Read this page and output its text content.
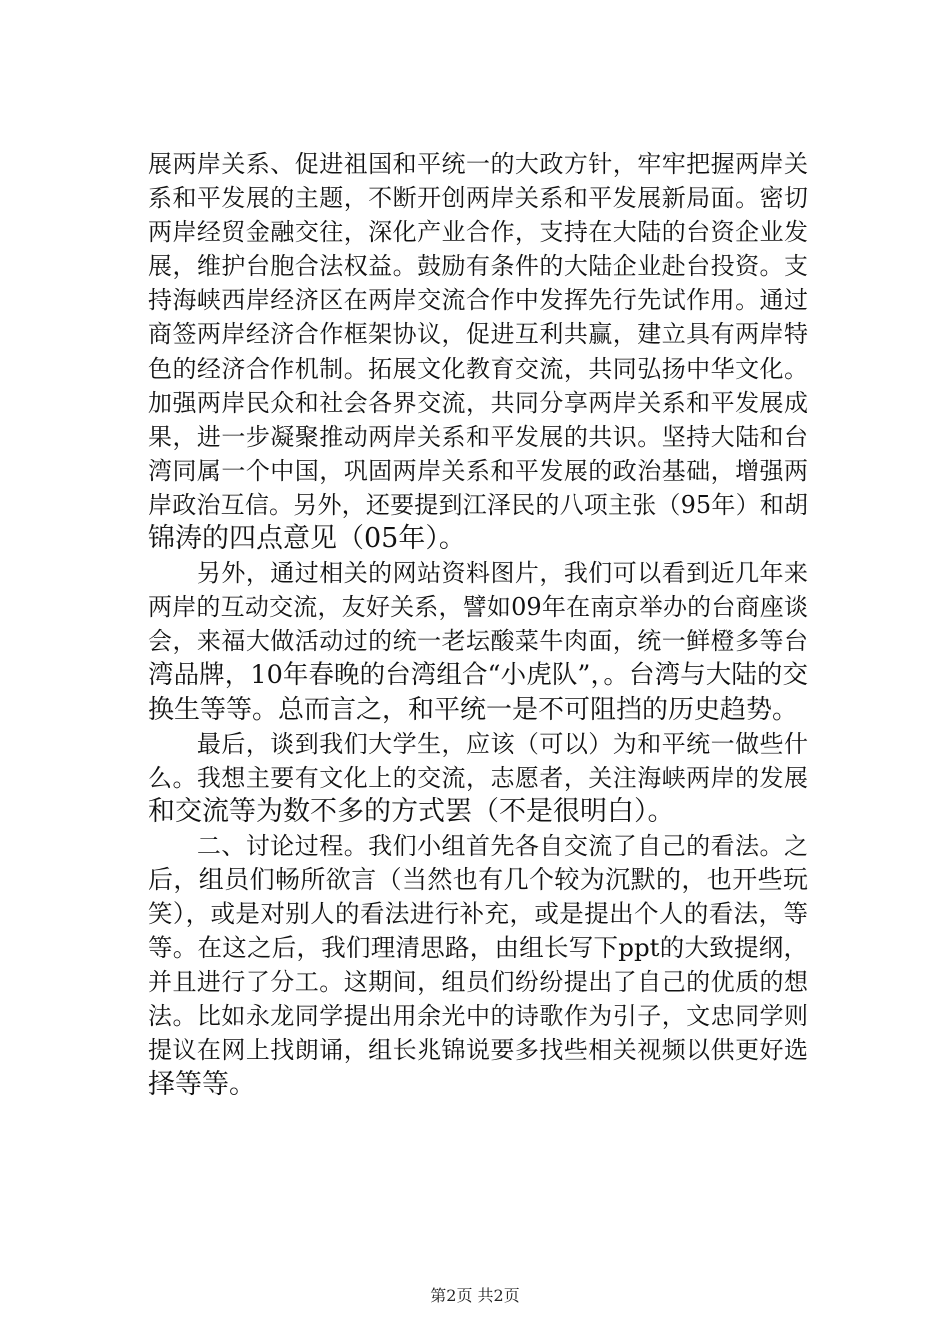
展两岸关系、促进祖国和平统一的大政方针，牢牢把握两岸关
系和平发展的主题，不断开创两岸关系和平发展新局面。密切
两岸经贸金融交往，深化产业合作，支持在大陆的台资企业发
展，维护台胞合法权益。鼓励有条件的大陆企业赴台投资。支
持海峡西岸经济区在两岸交流合作中发挥先行先试作用。通过
商签两岸经济合作框架协议，促进互利共赢，建立具有两岸特
色的经济合作机制。拓展文化教育交流，共同弘扬中华文化。
加强两岸民众和社会各界交流，共同分享两岸关系和平发展成
果，进一步凝聚推动两岸关系和平发展的共识。坚持大陆和台
湾同属一个中国，巩固两岸关系和平发展的政治基础，增强两
岸政治互信。另外，还要提到江泽民的八项主张（95年）和胡
锦涛的四点意见（05年）。
　　另外，通过相关的网站资料图片，我们可以看到近几年来
两岸的互动交流，友好关系，譬如09年在南京举办的台商座谈
会，来福大做活动过的统一老坛酸菜牛肉面，统一鲜橙多等台
湾品牌，10年春晚的台湾组合“小虎队”，。台湾与大陆的交
换生等等。总而言之，和平统一是不可阻挡的历史趋势。
　　最后，谈到我们大学生，应该（可以）为和平统一做些什
么。我想主要有文化上的交流，志愿者，关注海峡两岸的发展
和交流等为数不多的方式罢（不是很明白）。
　　二、讨论过程。我们小组首先各自交流了自己的看法。之
后，组员们畅所欲言（当然也有几个较为沉默的，也开些玩
笑），或是对别人的看法进行补充，或是提出个人的看法，等
等。在这之后，我们理清思路，由组长写下ppt的大致提纲，
并且进行了分工。这期间，组员们纷纷提出了自己的优质的想
法。比如永龙同学提出用余光中的诗歌作为引子，文忠同学则
提议在网上找朗诵，组长兆锦说要多找些相关视频以供更好选
择等等。
第2页 共2页
